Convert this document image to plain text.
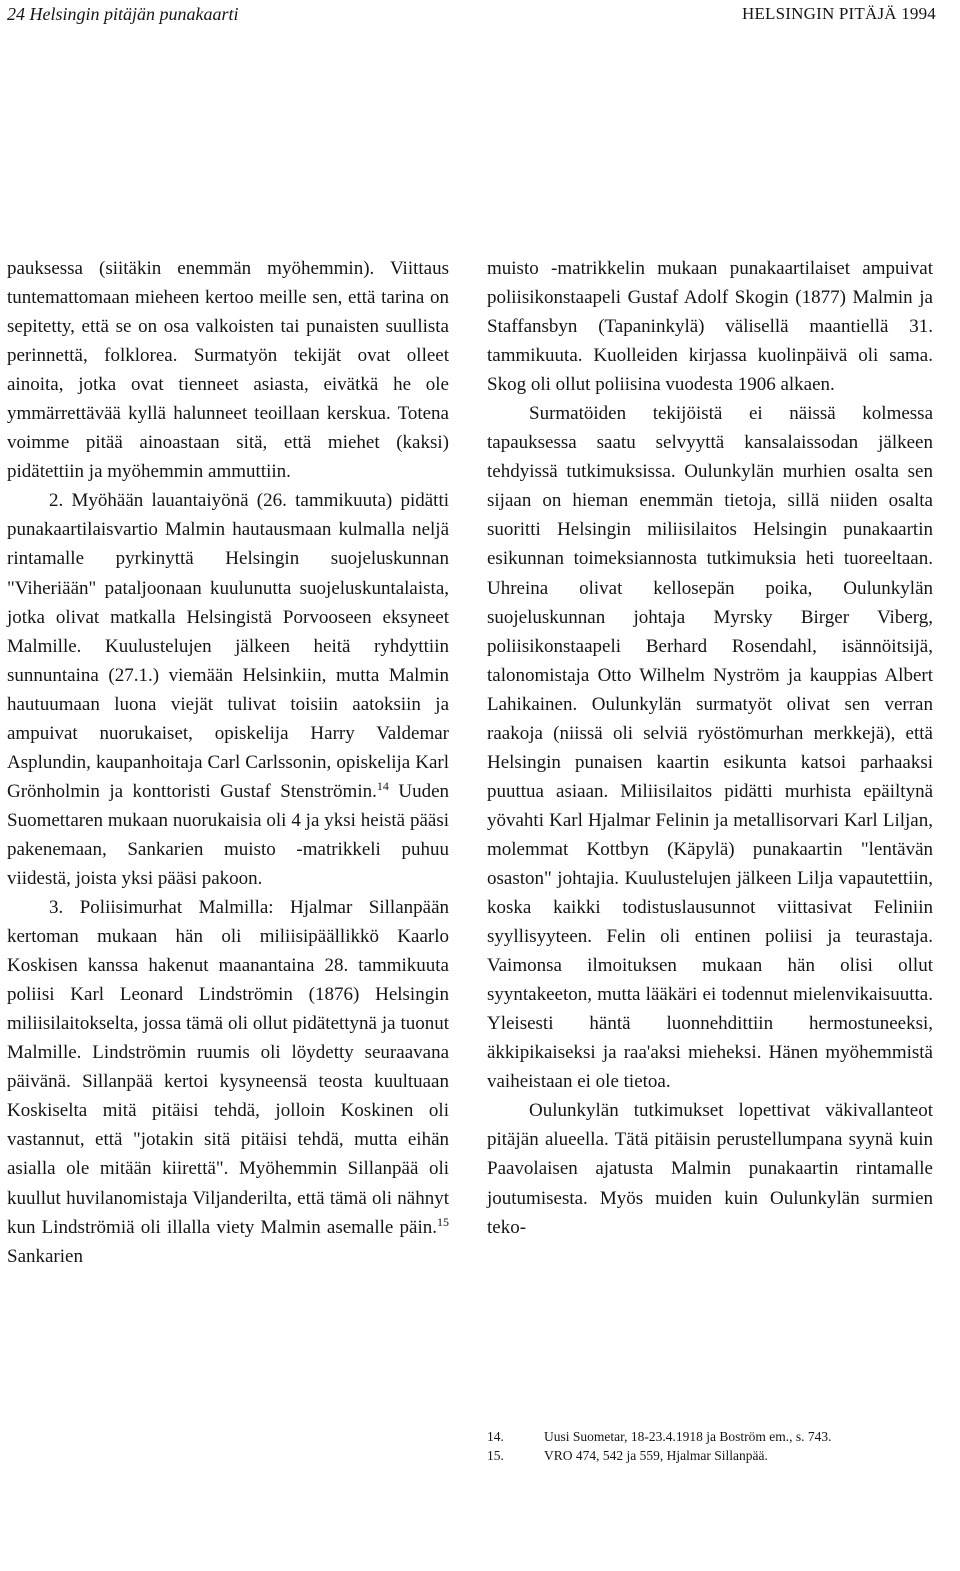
24 Helsingin pitäjän punakaarti	HELSINGIN PITÄJÄ 1994

pauksessa (siitäkin enemmän myöhemmin). Viittaus tuntemattomaan mieheen kertoo meille sen, että tarina on sepitetty, että se on osa valkoisten tai punaisten suullista perinnettä, folklorea. Surmatyön tekijät ovat olleet ainoita, jotka ovat tienneet asiasta, eivätkä he ole ymmärrettävää kyllä halunneet teoillaan kerskua. Totena voimme pitää ainoastaan sitä, että miehet (kaksi) pidätettiin ja myöhemmin ammuttiin.

2. Myöhään lauantaiyönä (26. tammikuuta) pidätti punakaartilaisvartio Malmin hautausmaan kulmalla neljä rintamalle pyrkinyttä Helsingin suojeluskunnan "Viheriään" pataljoonaan kuulunutta suojeluskuntalaista, jotka olivat matkalla Helsingistä Porvooseen eksyneet Malmille. Kuulustelujen jälkeen heitä ryhdyttiin sunnuntaina (27.1.) viemään Helsinkiin, mutta Malmin hautuumaan luona viejät tulivat toisiin aatoksiin ja ampuivat nuorukaiset, opiskelija Harry Valdemar Asplundin, kaupanhoitaja Carl Carlssonin, opiskelija Karl Grönholmin ja konttoristi Gustaf Stenströmin.$^{14}$ Uuden Suomettaren mukaan nuorukaisia oli 4 ja yksi heistä pääsi pakenemaan, Sankarien muisto -matrikkeli puhuu viidestä, joista yksi pääsi pakoon.

3. Poliisimurhat Malmilla: Hjalmar Sillanpään kertoman mukaan hän oli miliisipäällikkö Kaarlo Koskisen kanssa hakenut maanantaina 28. tammikuuta poliisi Karl Leonard Lindströmin (1876) Helsingin miliisilaitokselta, jossa tämä oli ollut pidätettynä ja tuonut Malmille. Lindströmin ruumis oli löydetty seuraavana päivänä. Sillanpää kertoi kysyneensä teosta kuultuaan Koskiselta mitä pitäisi tehdä, jolloin Koskinen oli vastannut, että "jotakin sitä pitäisi tehdä, mutta eihän asialla ole mitään kiirettä". Myöhemmin Sillanpää oli kuullut huvilanomistaja Viljanderilta, että tämä oli nähnyt kun Lindströmiä oli illalla viety Malmin asemalle päin.$^{15}$ Sankarien

muisto -matrikkelin mukaan punakaartilaiset ampuivat poliisikonstaapeli Gustaf Adolf Skogin (1877) Malmin ja Staffansbyn (Tapaninkylä) välisellä maantiellä 31. tammikuuta. Kuolleiden kirjassa kuolinpäivä oli sama. Skog oli ollut poliisina vuodesta 1906 alkaen.

Surmatöiden tekijöistä ei näissä kolmessa tapauksessa saatu selvyyttä kansalaissodan jälkeen tehdyissä tutkimuksissa. Oulunkylän murhien osalta sen sijaan on hieman enemmän tietoja, sillä niiden osalta suoritti Helsingin miliisilaitos Helsingin punakaartin esikunnan toimeksiannosta tutkimuksia heti tuoreeltaan. Uhreina olivat kellosepän poika, Oulunkylän suojeluskunnan johtaja Myrsky Birger Viberg, poliisikonstaapeli Berhard Rosendahl, isännöitsijä, talonomistaja Otto Wilhelm Nyström ja kauppias Albert Lahikainen. Oulunkylän surmatyöt olivat sen verran raakoja (niissä oli selviä ryöstömurhan merkkejä), että Helsingin punaisen kaartin esikunta katsoi parhaaksi puuttua asiaan. Miliisilaitos pidätti murhista epäiltynä yövahti Karl Hjalmar Felinin ja metallisorvari Karl Liljan, molemmat Kottbyn (Käpylä) punakaartin "lentävän osaston" johtajia. Kuulustelujen jälkeen Lilja vapautettiin, koska kaikki todistuslausunnot viittasivat Feliniin syyllisyyteen. Felin oli entinen poliisi ja teurastaja. Vaimonsa ilmoituksen mukaan hän olisi ollut syyntakeeton, mutta lääkäri ei todennut mielenvikaisuutta. Yleisesti häntä luonnehdittiin hermostuneeksi, äkkipikaiseksi ja raa'aksi mieheksi. Hänen myöhemmistä vaiheistaan ei ole tietoa.

Oulunkylän tutkimukset lopettivat väkivallanteot pitäjän alueella. Tätä pitäisin perustellumpana syynä kuin Paavolaisen ajatusta Malmin punakaartin rintamalle joutumisesta. Myös muiden kuin Oulunkylän surmien teko-

14.	Uusi Suometar, 18-23.4.1918 ja Boström em., s. 743.
15.	VRO 474, 542 ja 559, Hjalmar Sillanpää.
